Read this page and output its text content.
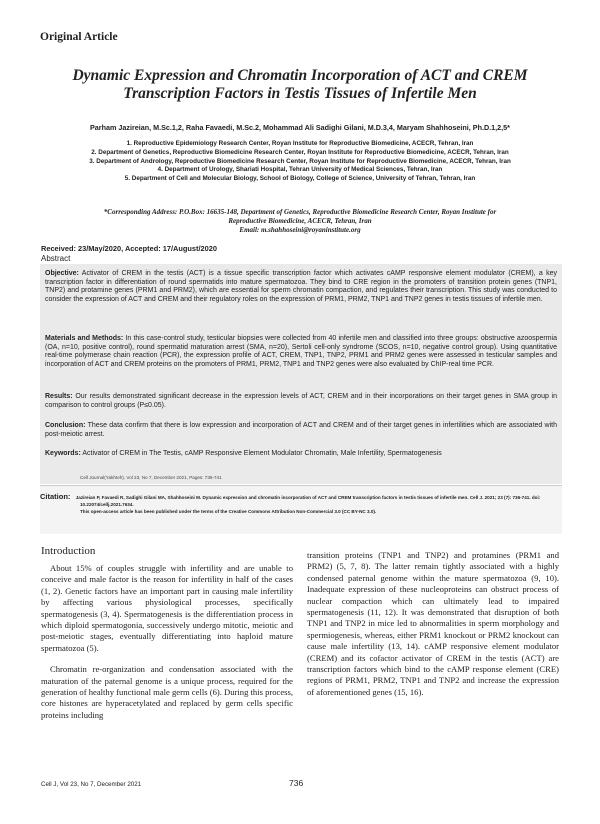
Original Article
Dynamic Expression and Chromatin Incorporation of ACT and CREM
Transcription Factors in Testis Tissues of Infertile Men
Parham Jazireian, M.Sc.1,2, Raha Favaedi, M.Sc.2, Mohammad Ali Sadighi Gilani, M.D.3,4, Maryam Shahhoseini, Ph.D.1,2,5*
1. Reproductive Epidemiology Research Center, Royan Institute for Reproductive Biomedicine, ACECR, Tehran, Iran
2. Department of Genetics, Reproductive Biomedicine Research Center, Royan Institute for Reproductive Biomedicine, ACECR, Tehran, Iran
3. Department of Andrology, Reproductive Biomedicine Research Center, Royan Institute for Reproductive Biomedicine, ACECR, Tehran, Iran
4. Department of Urology, Shariati Hospital, Tehran University of Medical Sciences, Tehran, Iran
5. Department of Cell and Molecular Biology, School of Biology, College of Science, University of Tehran, Tehran, Iran
*Corresponding Address: P.O.Box: 16635-148, Department of Genetics, Reproductive Biomedicine Research Center, Royan Institute for
Reproductive Biomedicine, ACECR, Tehran, Iran
Email: m.shahhoseini@royaninstitute.org
Received: 23/May/2020, Accepted: 17/August/2020
Abstract
Objective: Activator of CREM in the testis (ACT) is a tissue specific transcription factor which activates cAMP responsive element modulator (CREM), a key transcription factor in differentiation of round spermatids into mature spermatozoa. They bind to CRE region in the promoters of transition protein genes (TNP1, TNP2) and protamine genes (PRM1 and PRM2), which are essential for sperm chromatin compaction, and regulates their transcription. This study was conducted to consider the expression of ACT and CREM and their regulatory roles on the expression of PRM1, PRM2, TNP1 and TNP2 genes in testis tissues of infertile men.
Materials and Methods: In this case-control study, testicular biopsies were collected from 40 infertile men and classified into three groups: obstructive azoospermia (OA, n=10, positive control), round spermatid maturation arrest (SMA, n=20), Sertoli cell-only syndrome (SCOS, n=10, negative control group). Using quantitative real-time polymerase chain reaction (PCR), the expression profile of ACT, CREM, TNP1, TNP2, PRM1 and PRM2 genes were assessed in testicular samples and incorporation of ACT and CREM proteins on the promoters of PRM1, PRM2, TNP1 and TNP2 genes were also evaluated by ChIP-real time PCR.
Results: Our results demonstrated significant decrease in the expression levels of ACT, CREM and in their incorporations on their target genes in SMA group in comparison to control groups (P≤0.05).
Conclusion: These data confirm that there is low expression and incorporation of ACT and CREM and of their target genes in infertilities which are associated with post-meiotic arrest.
Keywords: Activator of CREM in The Testis, cAMP Responsive Element Modulator Chromatin, Male Infertility, Spermatogenesis
Cell Journal(Yakhteh), Vol 23, No 7, December 2021, Pages: 736-741
Citation: Jazireian P, Favaedi R, Sadighi Gilani MA, Shahhoseini M. Dynamic expression and chromatin incorporation of ACT and CREM transcription factors in testis tissues of infertile men. Cell J. 2021; 23 (7): 736-741. doi: 10.22074/cellj.2021.7634.
This open-access article has been published under the terms of the Creative Commons Attribution Non-Commercial 3.0 (CC BY-NC 3.0).
Introduction

About 15% of couples struggle with infertility and are unable to conceive and male factor is the reason for infertility in half of the cases (1, 2). Genetic factors have an important part in causing male infertility by affecting various physiological processes, specifically spermatogenesis (3, 4). Spermatogenesis is the differentiation process in which diploid spermatogonia, successively undergo mitotic, meiotic and post-meiotic stages, eventually differentiating into haploid mature spermatozoa (5).

Chromatin re-organization and condensation associated with the maturation of the paternal genome is a unique process, required for the generation of healthy functional male germ cells (6). During this process, core histones are hyperacetylated and replaced by germ cells specific proteins including

transition proteins (TNP1 and TNP2) and protamines (PRM1 and PRM2) (5, 7, 8). The latter remain tightly associated with a highly condensed paternal genome within the mature spermatozoa (9, 10). Inadequate expression of these nucleoproteins can obstruct process of nuclear compaction which can ultimately lead to impaired spermatogenesis (11, 12). It was demonstrated that disruption of both TNP1 and TNP2 in mice led to abnormalities in sperm morphology and spermiogenesis, whereas, either PRM1 knockout or PRM2 knockout can cause male infertility (13, 14). cAMP responsive element modulator (CREM) and its cofactor activator of CREM in the testis (ACT) are transcription factors which bind to the cAMP response element (CRE) regions of PRM1, PRM2, TNP1 and TNP2 and increase the expression of aforementioned genes (15, 16).

Cell J, Vol 23, No 7, December 2021	736
